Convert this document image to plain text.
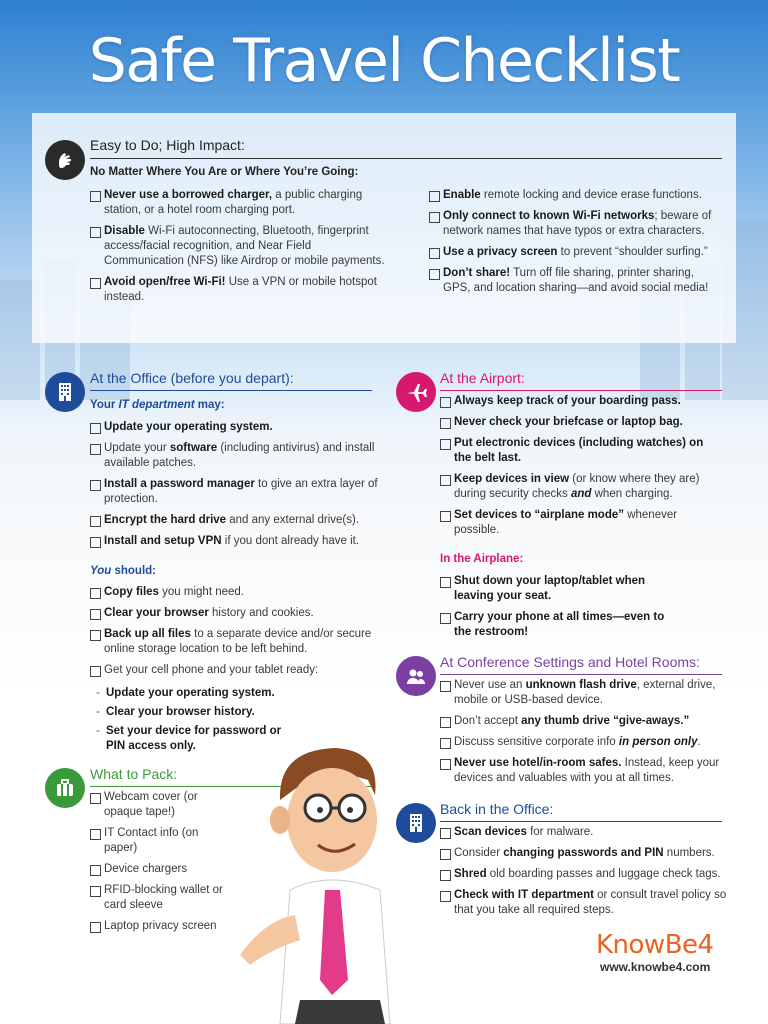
Safe Travel Checklist
Easy to Do; High Impact:
No Matter Where You Are or Where You’re Going:
Never use a borrowed charger, a public charging station, or a hotel room charging port.
Disable Wi-Fi autoconnecting, Bluetooth, fingerprint access/facial recognition, and Near Field Communication (NFS) like Airdrop or mobile payments.
Avoid open/free Wi-Fi! Use a VPN or mobile hotspot instead.
Enable remote locking and device erase functions.
Only connect to known Wi-Fi networks; beware of network names that have typos or extra characters.
Use a privacy screen to prevent “shoulder surfing.”
Don’t share! Turn off file sharing, printer sharing, GPS, and location sharing—and avoid social media!
At the Office (before you depart):
Your IT department may:
Update your operating system.
Update your software (including antivirus) and install available patches.
Install a password manager to give an extra layer of protection.
Encrypt the hard drive and any external drive(s).
Install and setup VPN if you dont already have it.
You should:
Copy files you might need.
Clear your browser history and cookies.
Back up all files to a separate device and/or secure online storage location to be left behind.
Get your cell phone and your tablet ready:
- Update your operating system.
- Clear your browser history.
- Set your device for password or PIN access only.
What to Pack:
Webcam cover (or opaque tape!)
IT Contact info (on paper)
Device chargers
RFID-blocking wallet or card sleeve
Laptop privacy screen
At the Airport:
Always keep track of your boarding pass.
Never check your briefcase or laptop bag.
Put electronic devices (including watches) on the belt last.
Keep devices in view (or know where they are) during security checks and when charging.
Set devices to “airplane mode” whenever possible.
In the Airplane:
Shut down your laptop/tablet when leaving your seat.
Carry your phone at all times—even to the restroom!
At Conference Settings and Hotel Rooms:
Never use an unknown flash drive, external drive, mobile or USB-based device.
Don’t accept any thumb drive “give-aways.”
Discuss sensitive corporate info in person only.
Never use hotel/in-room safes. Instead, keep your devices and valuables with you at all times.
Back in the Office:
Scan devices for malware.
Consider changing passwords and PIN numbers.
Shred old boarding passes and luggage check tags.
Check with IT department or consult travel policy so that you take all required steps.
KnowBe4
www.knowbe4.com
